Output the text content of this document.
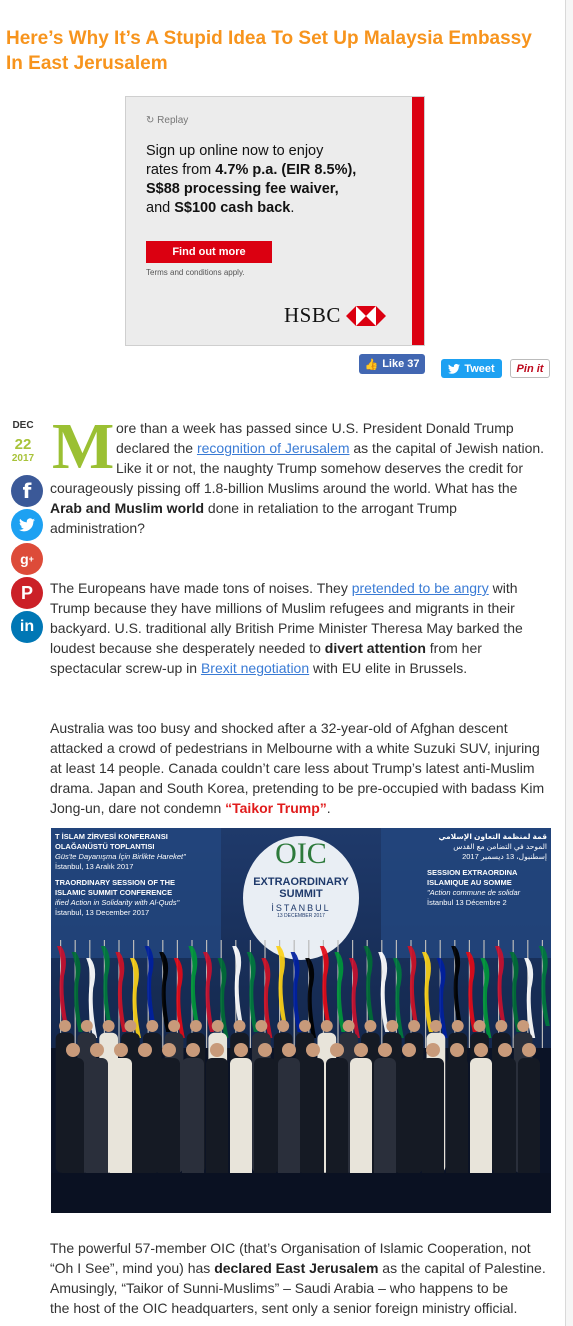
Here’s Why It’s A Stupid Idea To Set Up Malaysia Embassy In East Jerusalem
↻ Replay
Sign up online now to enjoy
rates from 4.7% p.a. (EIR 8.5%),
S$88 processing fee waiver,
and S$100 cash back.
Find out more
Terms and conditions apply.
HSBC
👍 Like 37	Tweet	Pin it
DEC
22
2017
f
g +
P
in
M ore than a week has passed since U.S. President Donald Trump
declared the recognition of Jerusalem as the capital of Jewish nation.
Like it or not, the naughty Trump somehow deserves the credit for
courageously pissing off 1.8-billion Muslims around the world. What has the
Arab and Muslim world done in retaliation to the arrogant Trump
administration?
The Europeans have made tons of noises. They pretended to be angry with
Trump because they have millions of Muslim refugees and migrants in their
backyard. U.S. traditional ally British Prime Minister Theresa May barked the
loudest because she desperately needed to divert attention from her
spectacular screw-up in Brexit negotiation with EU elite in Brussels.
Australia was too busy and shocked after a 32-year-old of Afghan descent
attacked a crowd of pedestrians in Melbourne with a white Suzuki SUV, injuring
at least 14 people. Canada couldn’t care less about Trump’s latest anti-Muslim
drama. Japan and South Korea, pretending to be pre-occupied with badass Kim
Jong-un, dare not condemn “Taikor Trump”.
T İSLAM ZİRVESİ KONFERANSI
OLAĞANÜSTÜ TOPLANTISI
Güs'te Dayanışma İçin Birlikte Hareket"
İstanbul, 13 Aralık 2017
TRAORDINARY SESSION OF THE
ISLAMIC SUMMIT CONFERENCE
ified Action in Solidarity with Al-Quds"
İstanbul, 13 December 2017
OIC
EXTRAORDINARY
SUMMIT
İSTANBUL
13 DECEMBER 2017
قمة لمنظمة التعاون الإسلامي
الموحد في التضامن مع القدس
إسطنبول، 13 ديسمبر 2017
SESSION EXTRAORDINA
ISLAMIQUE AU SOMME
"Action commune de solidar
İstanbul 13 Décembre 2
The powerful 57-member OIC (that’s Organisation of Islamic Cooperation, not
“Oh I See”, mind you) has declared East Jerusalem as the capital of Palestine.
Amusingly, “Taikor of Sunni-Muslims” – Saudi Arabia – who happens to be
the host of the OIC headquarters, sent only a senior foreign ministry official.
